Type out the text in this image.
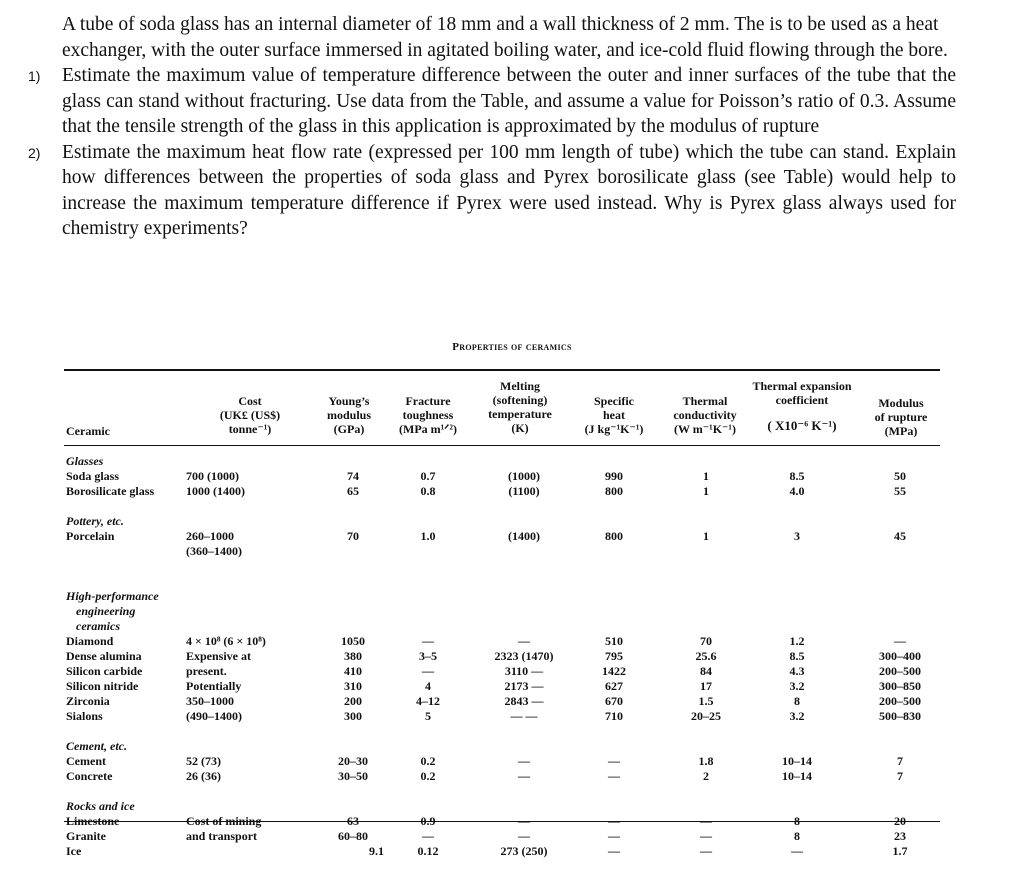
A tube of soda glass has an internal diameter of 18 mm and a wall thickness of 2 mm. The is to be used as a heat exchanger, with the outer surface immersed in agitated boiling water, and ice-cold fluid flowing through the bore.

1) Estimate the maximum value of temperature difference between the outer and inner surfaces of the tube that the glass can stand without fracturing. Use data from the Table, and assume a value for Poisson’s ratio of 0.3. Assume that the tensile strength of the glass in this application is approximated by the modulus of rupture

2) Estimate the maximum heat flow rate (expressed per 100 mm length of tube) which the tube can stand. Explain how differences between the properties of soda glass and Pyrex borosilicate glass (see Table) would help to increase the maximum temperature difference if Pyrex were used instead. Why is Pyrex glass always used for chemistry experiments?

Properties of ceramics
Ceramic
Cost
(UK£ (US$)
tonne⁻¹)
Young’s
modulus
(GPa)
Fracture
toughness
(MPa m¹ᐟ²)
Melting
(softening)
temperature
(K)
Specific
heat
(J kg⁻¹K⁻¹)
Thermal
conductivity
(W m⁻¹K⁻¹)
Thermal expansion
coefficient
( X10⁻⁶ K⁻¹)
Modulus
of rupture
(MPa)
Glasses
Soda glass
Borosilicate glass
Pottery, etc.
Porcelain
High-performance
engineering
ceramics
Diamond
Dense alumina
Silicon carbide
Silicon nitride
Zirconia
Sialons
Cement, etc.
Cement
Concrete
Rocks and ice
Limestone
Granite
Ice
700 (1000)
1000 (1400)
260–1000
(360–1400)
4 × 10⁸ (6 × 10⁸)
Expensive at
present.
Potentially
350–1000
(490–1400)
52 (73)
26 (36)
Cost of mining
and transport
74
65
70
1050
380
410
310
200
300
20–30
30–50
63
60–80
9.1
0.7
0.8
1.0
—
3–5
—
4
4–12
5
0.2
0.2
0.9
—
0.12
(1000)
(1100)
(1400)
—
2323 (1470)
3110 —
2173 —
2843 —
— —
—
—
—
—
273 (250)
990
800
800
510
795
1422
627
670
710
—
—
—
—
—
1
1
1
70
25.6
84
17
1.5
20–25
1.8
2
—
—
—
8.5
4.0
3
1.2
8.5
4.3
3.2
8
3.2
10–14
10–14
8
8
—
50
55
45
—
300–400
200–500
300–850
200–500
500–830
7
7
20
23
1.7
